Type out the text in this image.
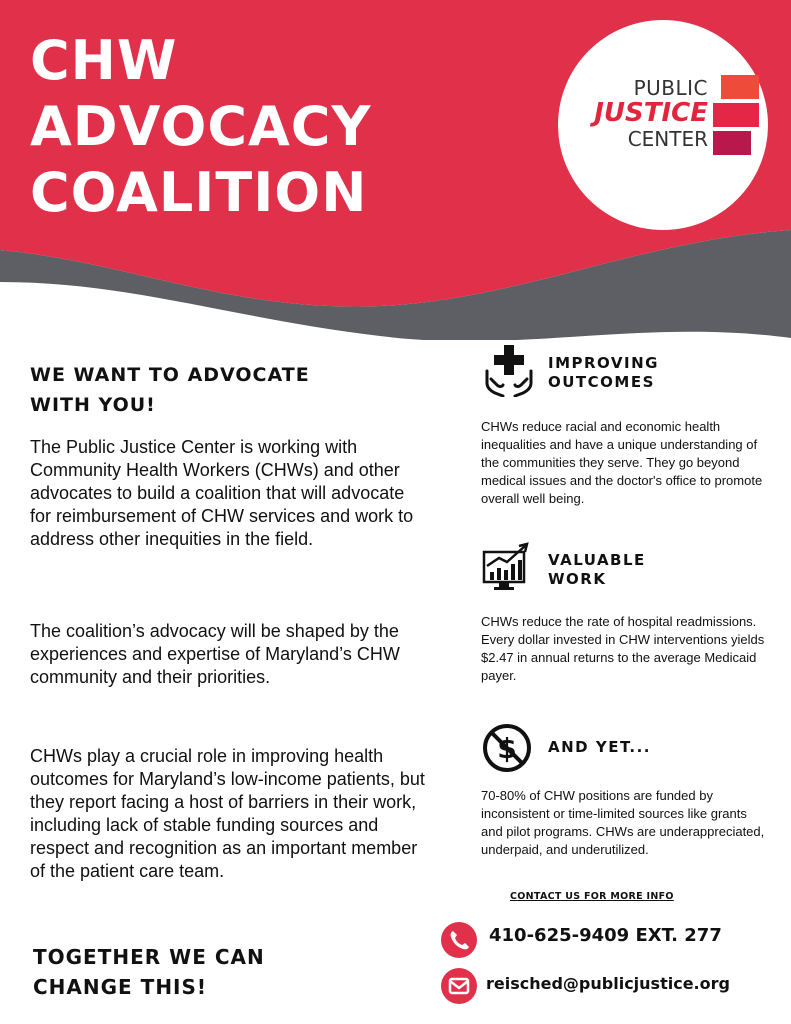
CHW
ADVOCACY
COALITION
PUBLIC
JUSTICE
CENTER
WE WANT TO ADVOCATE
WITH YOU!

The Public Justice Center is working with Community Health Workers (CHWs) and other advocates to build a coalition that will advocate for reimbursement of CHW services and work to address other inequities in the field.

The coalition’s advocacy will be shaped by the experiences and expertise of Maryland’s CHW community and their priorities.

CHWs play a crucial role in improving health outcomes for Maryland’s low-income patients, but they report facing a host of barriers in their work, including lack of stable funding sources and respect and recognition as an important member of the patient care team.

TOGETHER WE CAN
CHANGE THIS!
IMPROVING
OUTCOMES

CHWs reduce racial and economic health inequalities and have a unique understanding of the communities they serve. They go beyond medical issues and the doctor's office to promote overall well being.

VALUABLE
WORK

CHWs reduce the rate of hospital readmissions. Every dollar invested in CHW interventions yields $2.47 in annual returns to the average Medicaid payer.

$ AND YET...

70-80% of CHW positions are funded by inconsistent or time-limited sources like grants and pilot programs. CHWs are underappreciated, underpaid, and underutilized.

CONTACT US FOR MORE INFO

410-625-9409 EXT. 277

reisched@publicjustice.org
